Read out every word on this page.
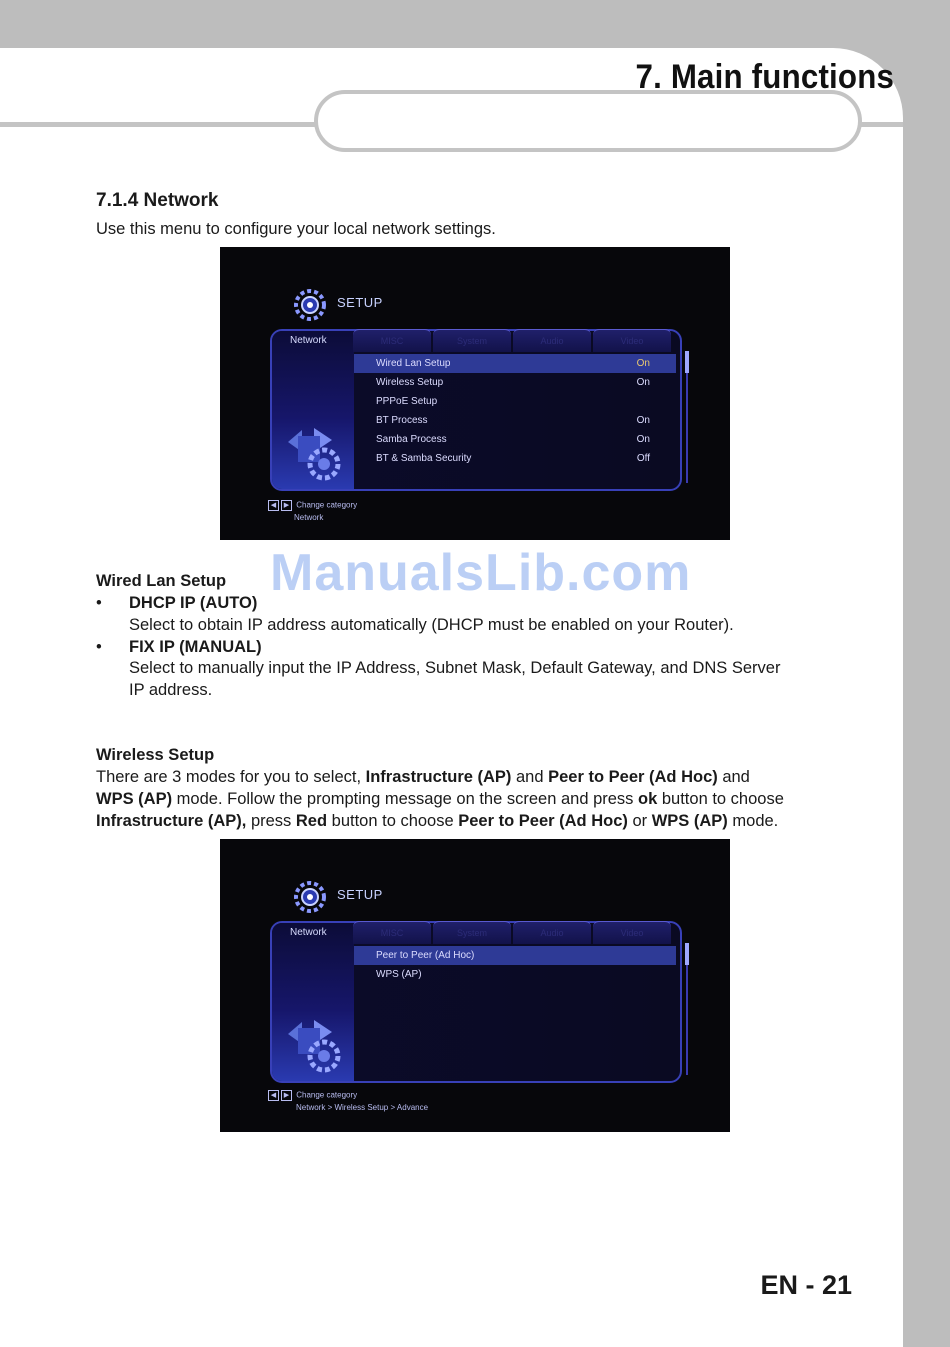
7. Main functions
7.1.4 Network
Use this menu to configure your local network settings.
SETUP
Network	MISC	System	Audio	Video
Wired Lan Setup	On
Wireless Setup	On
PPPoE Setup
BT Process	On
Samba Process	On
BT & Samba Security	Off
◀ ▶ Change category
Network
Wired Lan Setup
• DHCP IP (AUTO)
Select to obtain IP address automatically (DHCP must be enabled on your Router).
• FIX IP (MANUAL)
Select to manually input the IP Address, Subnet Mask, Default Gateway, and DNS Server
IP address.
ManualsLib.com
Wireless Setup
There are 3 modes for you to select, Infrastructure (AP) and Peer to Peer (Ad Hoc) and
WPS (AP) mode. Follow the prompting message on the screen and press ok button to choose
Infrastructure (AP), press Red button to choose Peer to Peer (Ad Hoc) or WPS (AP) mode.
SETUP
Network	MISC	System	Audio	Video
Peer to Peer (Ad Hoc)
WPS (AP)
◀ ▶ Change category
Network > Wireless Setup > Advance
EN - 21
